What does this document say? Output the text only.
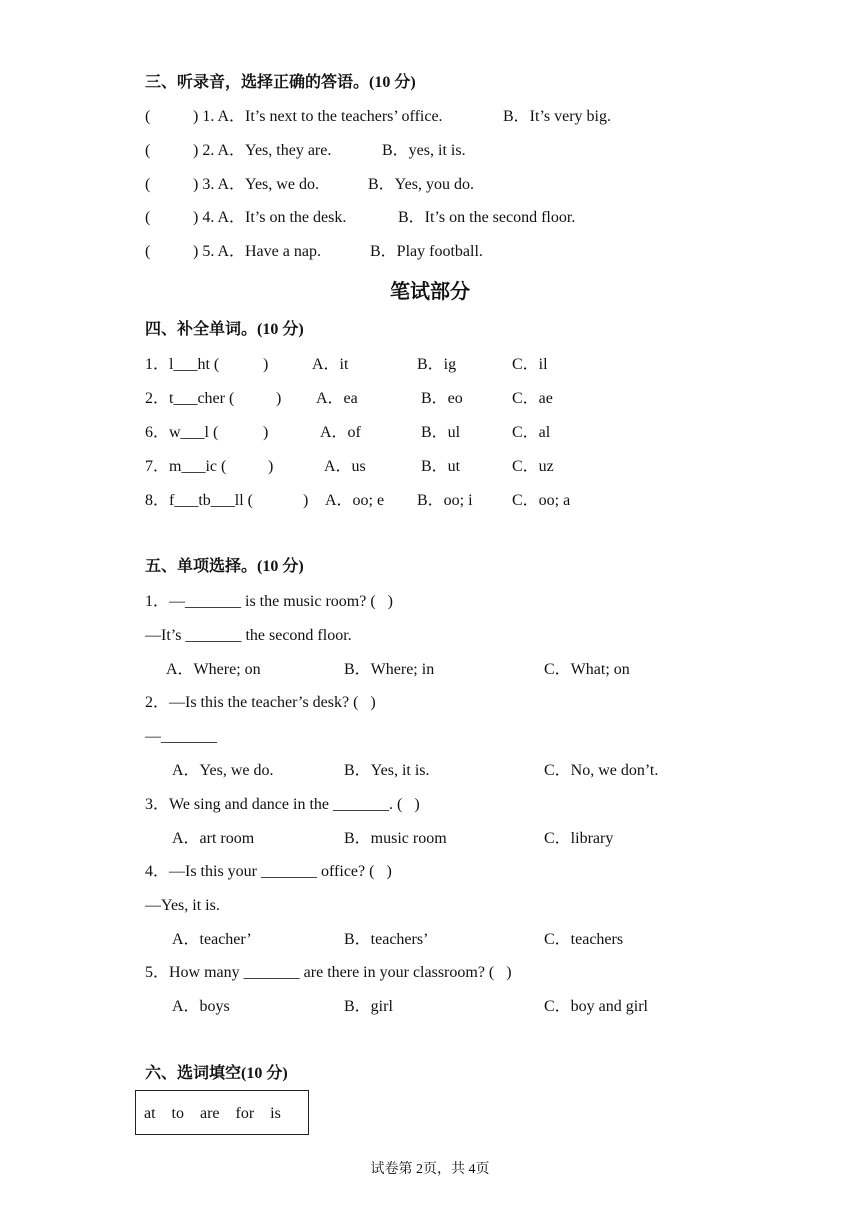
三、听录音，选择正确的答语。(10 分)
(	) 1. A．It’s next to the teachers’ office.	B．It’s very big.
(	) 2. A．Yes, they are.	B．yes, it is.
(	) 3. A．Yes, we do.	B．Yes, you do.
(	) 4. A．It’s on the desk.	B．It’s on the second floor.
(	) 5. A．Have a nap.	B．Play football.
笔试部分
四、补全单词。(10 分)
1．l___ht (	)	A．it	B．ig	C．il
2．t___cher (	) A．ea	B．eo	C．ae
6．w___l (	)	A．of	B．ul	C．al
7．m___ic (	)	A．us	B．ut	C．uz
8．f___tb___ll (	) A．oo; e B．oo; i C．oo; a
五、单项选择。(10 分)
1．—_______ is the music room? (   )
—It’s _______ the second floor.
A．Where; on	B．Where; in	C．What; on
2．—Is this the teacher’s desk? (   )
—_______
A．Yes, we do.	B．Yes, it is.	C．No, we don’t.
3．We sing and dance in the _______. (   )
A．art room	B．music room	C．library
4．—Is this your _______ office? (   )
—Yes, it is.
A．teacher’	B．teachers’	C．teachers
5．How many _______ are there in your classroom? (   )
A．boys	B．girl	C．boy and girl
六、选词填空(10 分)
at    to    are    for    is
试卷第 2页，共 4页
